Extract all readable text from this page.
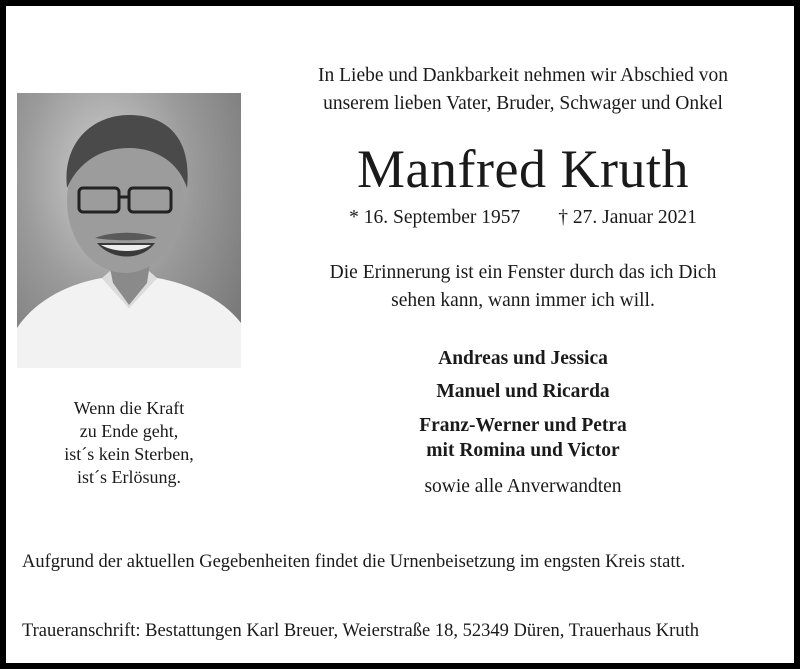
Wenn die Kraft
zu Ende geht,
ist´s kein Sterben,
ist´s Erlösung.
In Liebe und Dankbarkeit nehmen wir Abschied von
unserem lieben Vater, Bruder, Schwager und Onkel
Manfred Kruth
* 16. September 1957 † 27. Januar 2021
Die Erinnerung ist ein Fenster durch das ich Dich
sehen kann, wann immer ich will.
Andreas und Jessica
Manuel und Ricarda
Franz-Werner und Petra
mit Romina und Victor
sowie alle Anverwandten
Aufgrund der aktuellen Gegebenheiten findet die Urnenbeisetzung im engsten Kreis statt.
Traueranschrift: Bestattungen Karl Breuer, Weierstraße 18, 52349 Düren, Trauerhaus Kruth
